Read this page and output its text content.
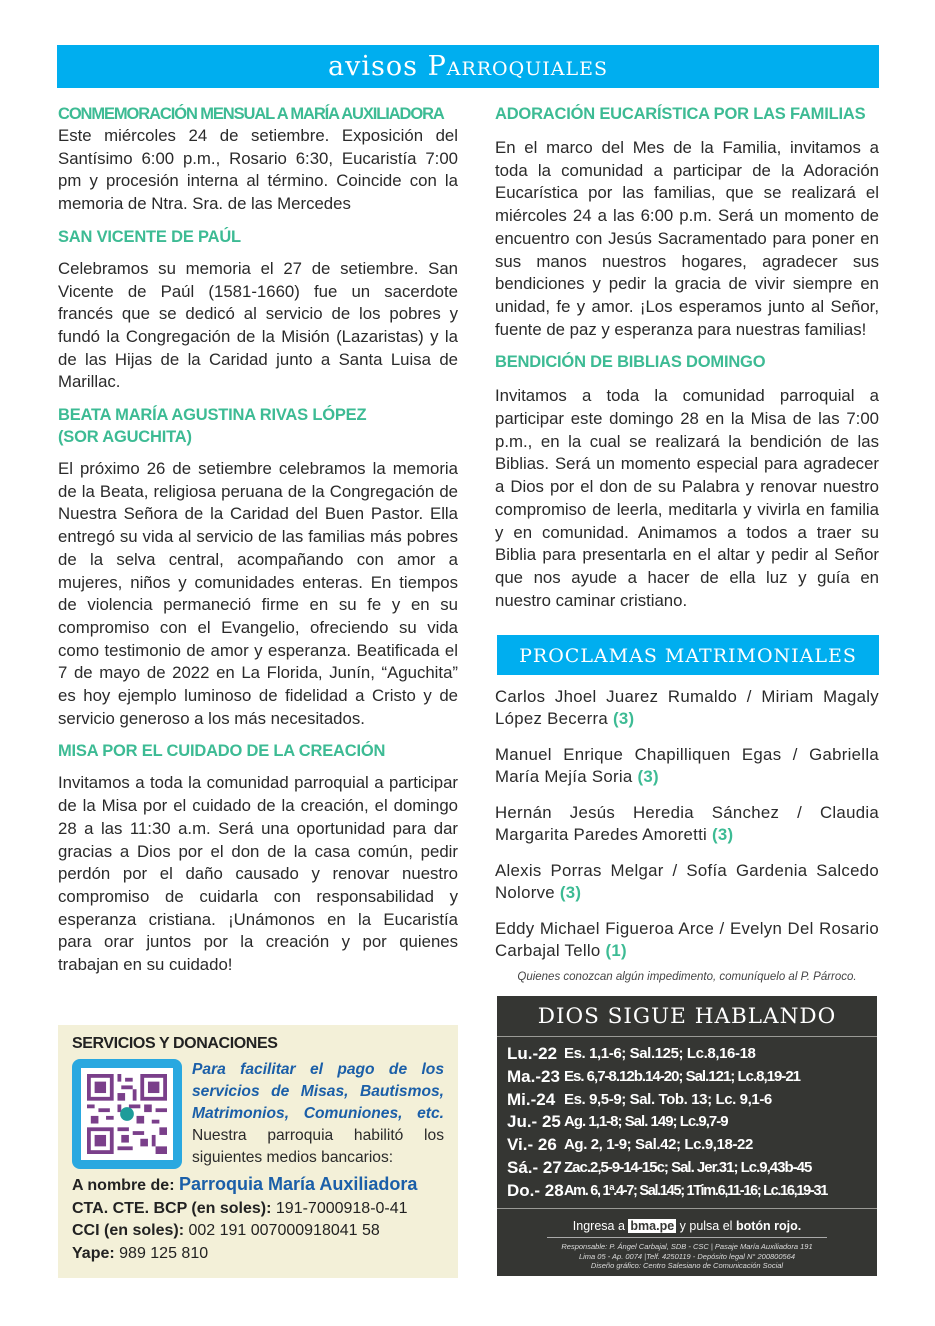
avisos Parroquiales
CONMEMORACIÓN MENSUAL A MARÍA AUXILIADORA
Este miércoles 24 de setiembre. Exposición del Santísimo 6:00 p.m., Rosario 6:30, Eucaristía 7:00 pm y procesión interna al término. Coincide con la memoria de Ntra. Sra. de las Mercedes
SAN VICENTE DE PAÚL
Celebramos su memoria el 27 de setiembre. San Vicente de Paúl (1581-1660) fue un sacerdote francés que se dedicó al servicio de los pobres y fundó la Congregación de la Misión (Lazaristas) y la de las Hijas de la Caridad junto a Santa Luisa de Marillac.
BEATA MARÍA AGUSTINA RIVAS LÓPEZ (SOR AGUCHITA)
El próximo 26 de setiembre celebramos la memoria de la Beata, religiosa peruana de la Congregación de Nuestra Señora de la Caridad del Buen Pastor. Ella entregó su vida al servicio de las familias más pobres de la selva central, acompañando con amor a mujeres, niños y comunidades enteras. En tiempos de violencia permaneció firme en su fe y en su compromiso con el Evangelio, ofreciendo su vida como testimonio de amor y esperanza. Beatificada el 7 de mayo de 2022 en La Florida, Junín, “Aguchita” es hoy ejemplo luminoso de fidelidad a Cristo y de servicio generoso a los más necesitados.
MISA POR EL CUIDADO DE LA CREACIÓN
Invitamos a toda la comunidad parroquial a participar de la Misa por el cuidado de la creación, el domingo 28 a las 11:30 a.m. Será una oportunidad para dar gracias a Dios por el don de la casa común, pedir perdón por el daño causado y renovar nuestro compromiso de cuidarla con responsabilidad y esperanza cristiana. ¡Unámonos en la Eucaristía para orar juntos por la creación y por quienes trabajan en su cuidado!
SERVICIOS Y DONACIONES
Para facilitar el pago de los servicios de Misas, Bautismos, Matrimonios, Comuniones, etc. Nuestra parroquia habilitó los siguientes medios bancarios:
A nombre de: Parroquia María Auxiliadora
CTA. CTE. BCP (en soles): 191-7000918-0-41
CCI (en soles): 002 191 007000918041 58
Yape: 989 125 810
ADORACIÓN EUCARÍSTICA POR LAS FAMILIAS
En el marco del Mes de la Familia, invitamos a toda la comunidad a participar de la Adoración Eucarística por las familias, que se realizará el miércoles 24 a las 6:00 p.m. Será un momento de encuentro con Jesús Sacramentado para poner en sus manos nuestros hogares, agradecer sus bendiciones y pedir la gracia de vivir siempre en unidad, fe y amor. ¡Los esperamos junto al Señor, fuente de paz y esperanza para nuestras familias!
BENDICIÓN DE BIBLIAS DOMINGO
Invitamos a toda la comunidad parroquial a participar este domingo 28 en la Misa de las 7:00 p.m., en la cual se realizará la bendición de las Biblias. Será un momento especial para agradecer a Dios por el don de su Palabra y renovar nuestro compromiso de leerla, meditarla y vivirla en familia y en comunidad. Animamos a todos a traer su Biblia para presentarla en el altar y pedir al Señor que nos ayude a hacer de ella luz y guía en nuestro caminar cristiano.
PROCLAMAS MATRIMONIALES
Carlos Jhoel Juarez Rumaldo / Miriam Magaly López Becerra (3)
Manuel Enrique Chapilliquen Egas / Gabriella María Mejía Soria (3)
Hernán Jesús Heredia Sánchez / Claudia Margarita Paredes Amoretti (3)
Alexis Porras Melgar / Sofía Gardenia Salcedo Nolorve (3)
Eddy Michael Figueroa Arce / Evelyn Del Rosario Carbajal Tello (1)
Quienes conozcan algún impedimento, comuníquelo al P. Párroco.
DIOS SIGUE HABLANDO
Lu.-22 Es. 1,1-6; Sal.125; Lc.8,16-18
Ma.-23 Es. 6,7-8.12b.14-20; Sal.121; Lc.8,19-21
Mi.-24 Es. 9,5-9; Sal. Tob. 13; Lc. 9,1-6
Ju.- 25 Ag. 1,1-8; Sal. 149; Lc.9,7-9
Vi.- 26 Ag. 2, 1-9; Sal.42; Lc.9,18-22
Sá.- 27 Zac.2,5-9-14-15c; Sal. Jer.31; Lc.9,43b-45
Do.- 28 Am. 6, 1ª.4-7; Sal.145; 1Tim.6,11-16; Lc.16,19-31
Ingresa a bma.pe y pulsa el botón rojo.
Responsable: P. Ángel Carbajal, SDB - CSC | Pasaje María Auxiliadora 191
Lima 05 - Ap. 0074 |Telf. 4250119 - Depósito legal N° 200800564
Diseño gráfico: Centro Salesiano de Comunicación Social
